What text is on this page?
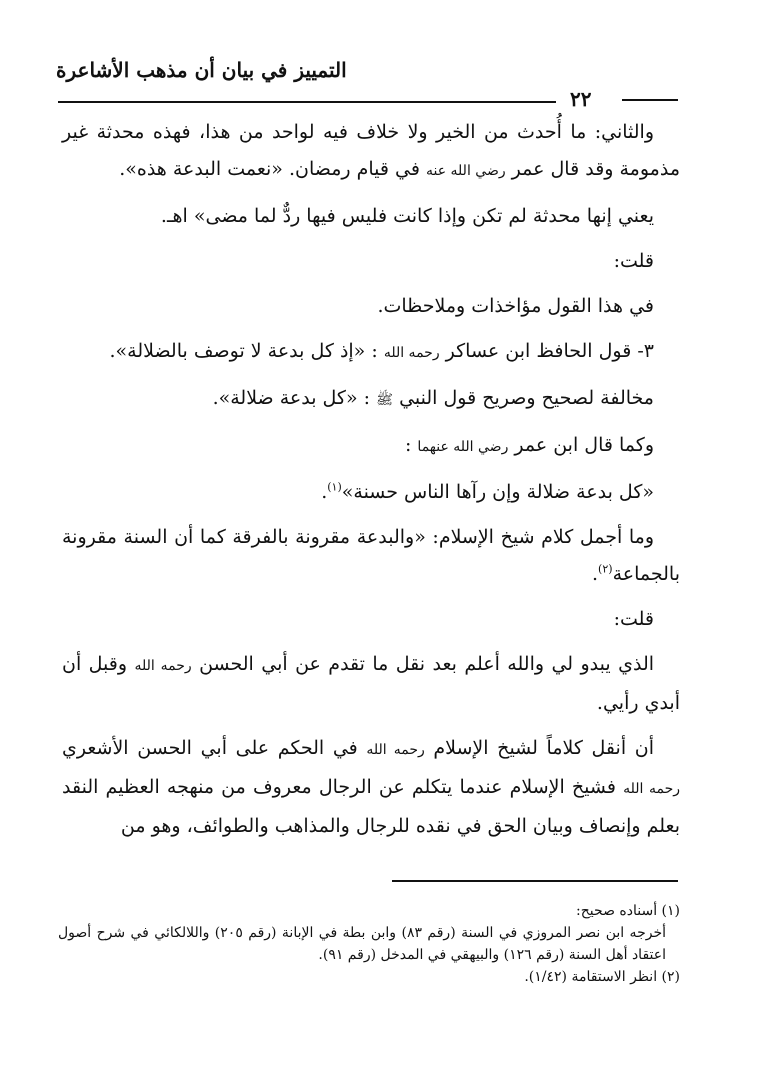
التمييز في بيان أن مذهب الأشاعرة
٢٢

والثاني: ما أُحدث من الخير ولا خلاف فيه لواحد من هذا، فهذه محدثة غير مذمومة وقد قال عمر رضي الله عنه في قيام رمضان. «نعمت البدعة هذه».

يعني إنها محدثة لم تكن وإذا كانت فليس فيها ردٌّ لما مضى» اهـ.

قلت:

في هذا القول مؤاخذات وملاحظات.

٣- قول الحافظ ابن عساكر رحمه الله : «إذ كل بدعة لا توصف بالضلالة».

مخالفة لصحيح وصريح قول النبي ﷺ : «كل بدعة ضلالة».

وكما قال ابن عمر رضي الله عنهما :

«كل بدعة ضلالة وإن رآها الناس حسنة»$^{(١)}$.

وما أجمل كلام شيخ الإسلام: «والبدعة مقرونة بالفرقة كما أن السنة مقرونة بالجماعة$^{(٢)}$.

قلت:

الذي يبدو لي والله أعلم بعد نقل ما تقدم عن أبي الحسن رحمه الله وقبل أن أبدي رأيي.

أن أنقل كلاماً لشيخ الإسلام رحمه الله في الحكم على أبي الحسن الأشعري رحمه الله فشيخ الإسلام عندما يتكلم عن الرجال معروف من منهجه العظيم النقد بعلم وإنصاف وبيان الحق في نقده للرجال والمذاهب والطوائف، وهو من

(١) أسناده صحيح:

أخرجه ابن نصر المروزي في السنة (رقم ٨٣) وابن بطة في الإبانة (رقم ٢٠٥) واللالكائي في شرح أصول اعتقاد أهل السنة (رقم ١٢٦) والبيهقي في المدخل (رقم ٩١).

(٢) انظر الاستقامة (١/٤٢).
